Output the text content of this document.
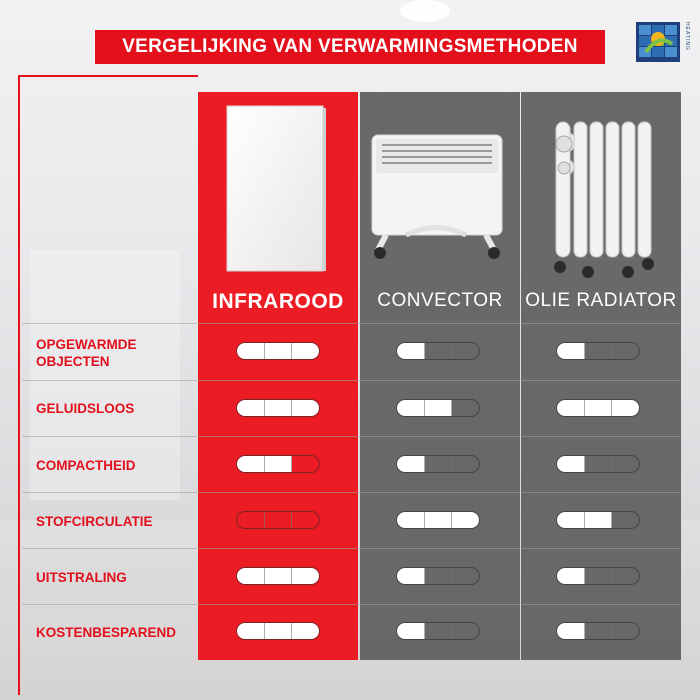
VERGELIJKING VAN VERWARMINGSMETHODEN	HEATING
INFRAROOD	CONVECTOR	OLIE RADIATOR
OPGEWARMDE OBJECTEN
GELUIDSLOOS
COMPACTHEID
STOFCIRCULATIE
UITSTRALING
KOSTENBESPAREND
